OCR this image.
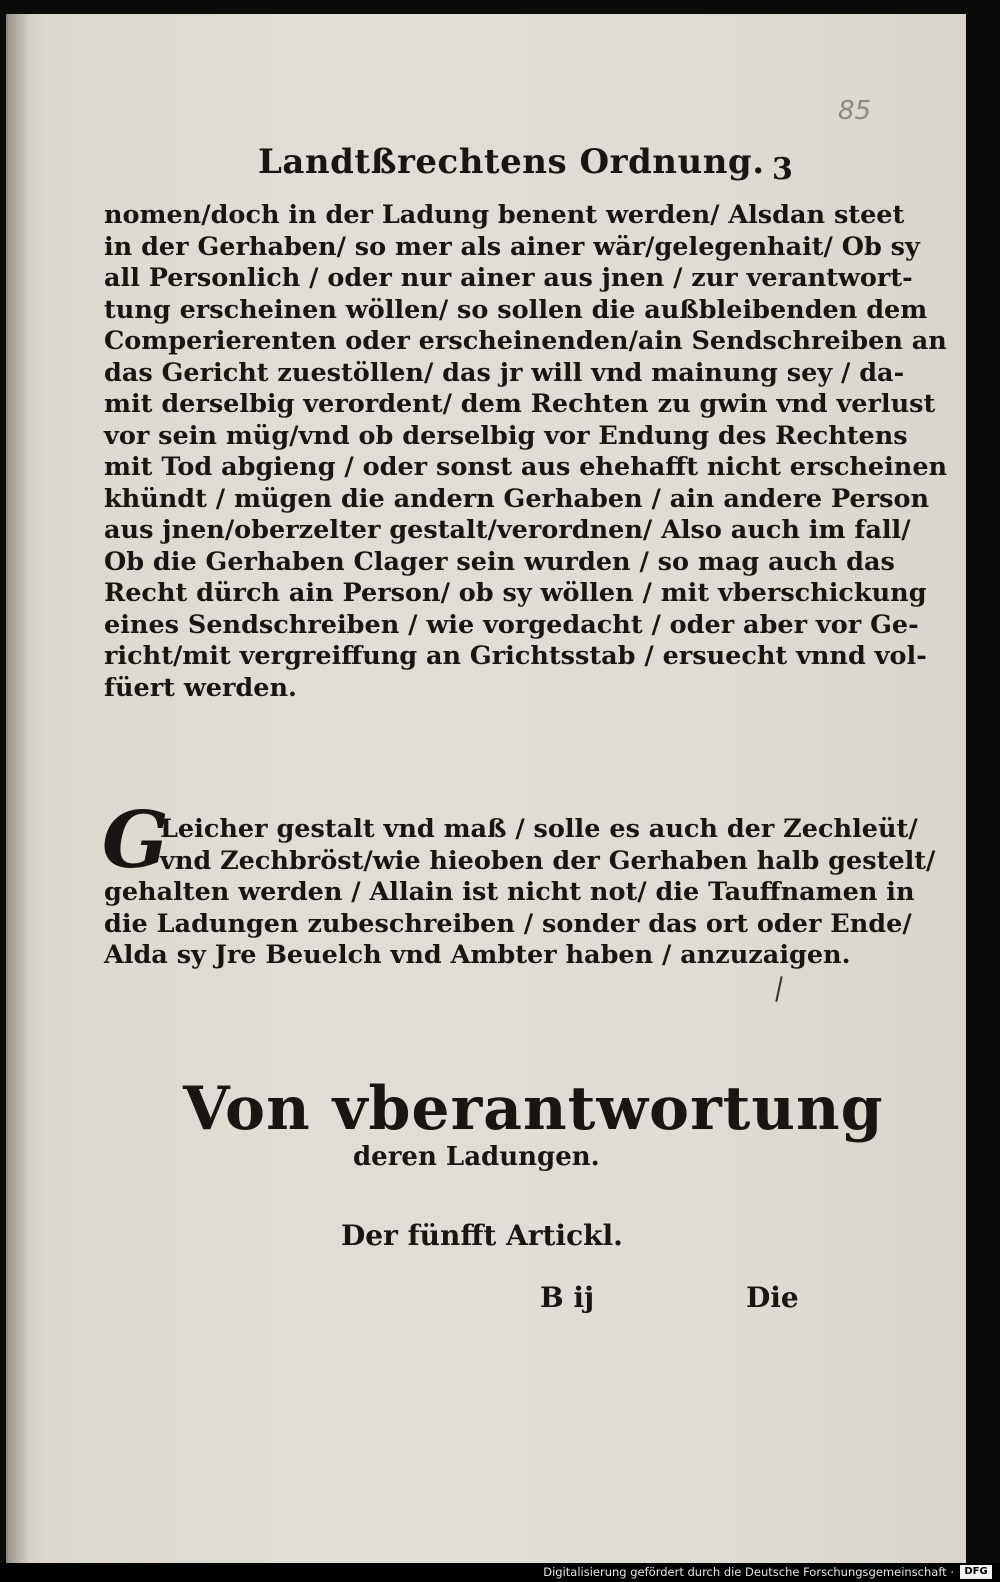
85
Landtßrechtens Ordnung. 3
nomen/doch in der Ladung benent werden/ Alsdan steet
in der Gerhaben/ so mer als ainer wär/gelegenhait/ Ob sy
all Personlich / oder nur ainer aus jnen / zur verantwort-
tung erscheinen wöllen/ so sollen die außbleibenden dem
Comperierenten oder erscheinenden/ain Sendschreiben an
das Gericht zuestöllen/ das jr will vnd mainung sey / da-
mit derselbig verordent/ dem Rechten zu gwin vnd verlust
vor sein müg/vnd ob derselbig vor Endung des Rechtens
mit Tod abgieng / oder sonst aus ehehafft nicht erscheinen
khündt / mügen die andern Gerhaben / ain andere Person
aus jnen/oberzelter gestalt/verordnen/ Also auch im fall/
Ob die Gerhaben Clager sein wurden / so mag auch das
Recht dürch ain Person/ ob sy wöllen / mit vberschickung
eines Sendschreiben / wie vorgedacht / oder aber vor Ge-
richt/mit vergreiffung an Grichtsstab / ersuecht vnnd vol-
füert werden.
G
Leicher gestalt vnd maß / solle es auch der Zechleüt/
vnd Zechbröst/wie hieoben der Gerhaben halb gestelt/
gehalten werden / Allain ist nicht not/ die Tauffnamen in
die Ladungen zubeschreiben / sonder das ort oder Ende/
Alda sy Jre Beuelch vnd Ambter haben / anzuzaigen.
Von vberantwortung
deren Ladungen.
Der fünfft Artickl.
B ij	Die
Digitalisierung gefördert durch die Deutsche Forschungsgemeinschaft ·	DFG
